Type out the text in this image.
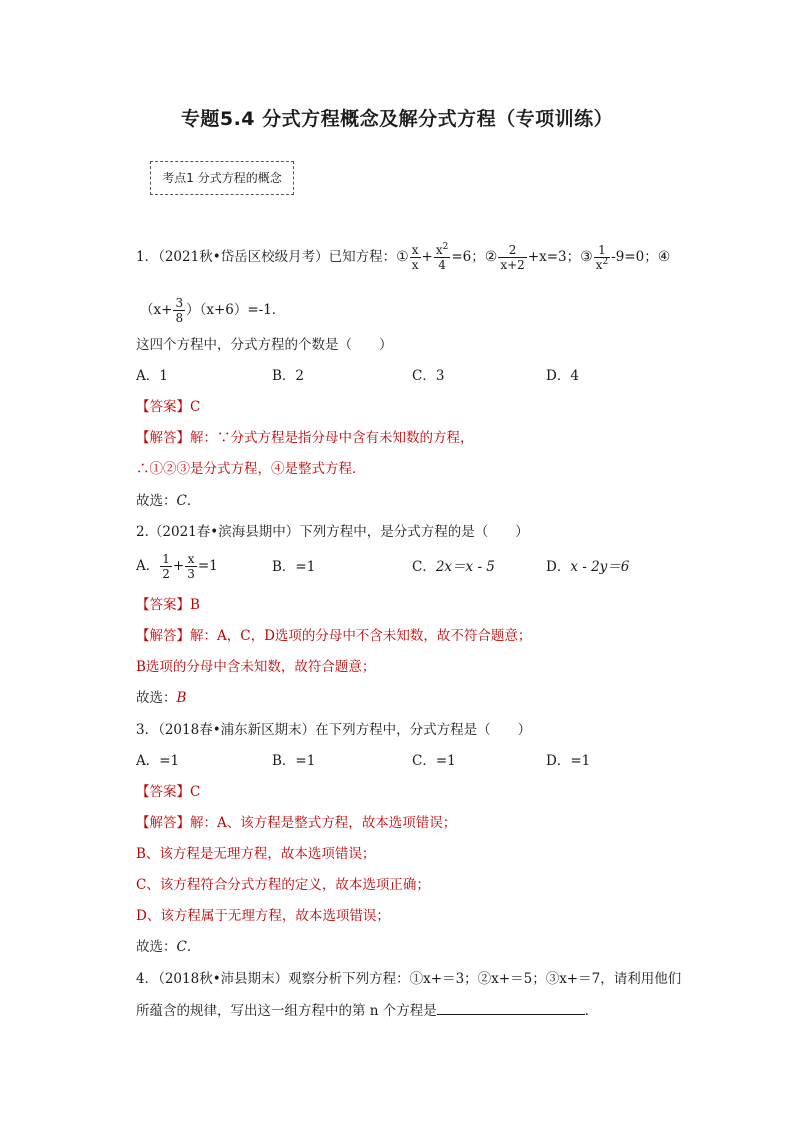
专题5.4 分式方程概念及解分式方程（专项训练）
考点1 分式方程的概念
1．（2021秋•岱岳区校级月考）已知方程：① $\frac{x}{x} + \frac{x^2}{4} =6$；② $\frac{2}{x+2} +x=3$；③ $\frac{1}{x^2} -9=0$；④
$(x+ \frac{3}{8} )(x+6)=-1$．
这四个方程中，分式方程的个数是（　　）
A．1	B．2	C．3	D．4
【答案】C
【解答】解：∵分式方程是指分母中含有未知数的方程，
∴①②③是分式方程，④是整式方程．
故选：C．
2.（2021春•滨海县期中）下列方程中，是分式方程的是（　　）
A． $\frac{1}{2} + \frac{x}{3} =1$	B．=1	C．2x＝x - 5	D．x - 2y＝6
【答案】B
【解答】解：A，C，D选项的分母中不含未知数，故不符合题意；
B选项的分母中含未知数，故符合题意；
故选：B
3．（2018春•浦东新区期末）在下列方程中，分式方程是（　　）
A．=1	B．=1	C．=1	D．=1
【答案】C
【解答】解：A、该方程是整式方程，故本选项错误；
B、该方程是无理方程，故本选项错误；
C、该方程符合分式方程的定义，故本选项正确；
D、该方程属于无理方程，故本选项错误；
故选：C．
4．（2018秋•沛县期末）观察分析下列方程：①x+＝3；②x+＝5；③x+＝7，请利用他们
所蕴含的规律，写出这一组方程中的第 n 个方程是	．
